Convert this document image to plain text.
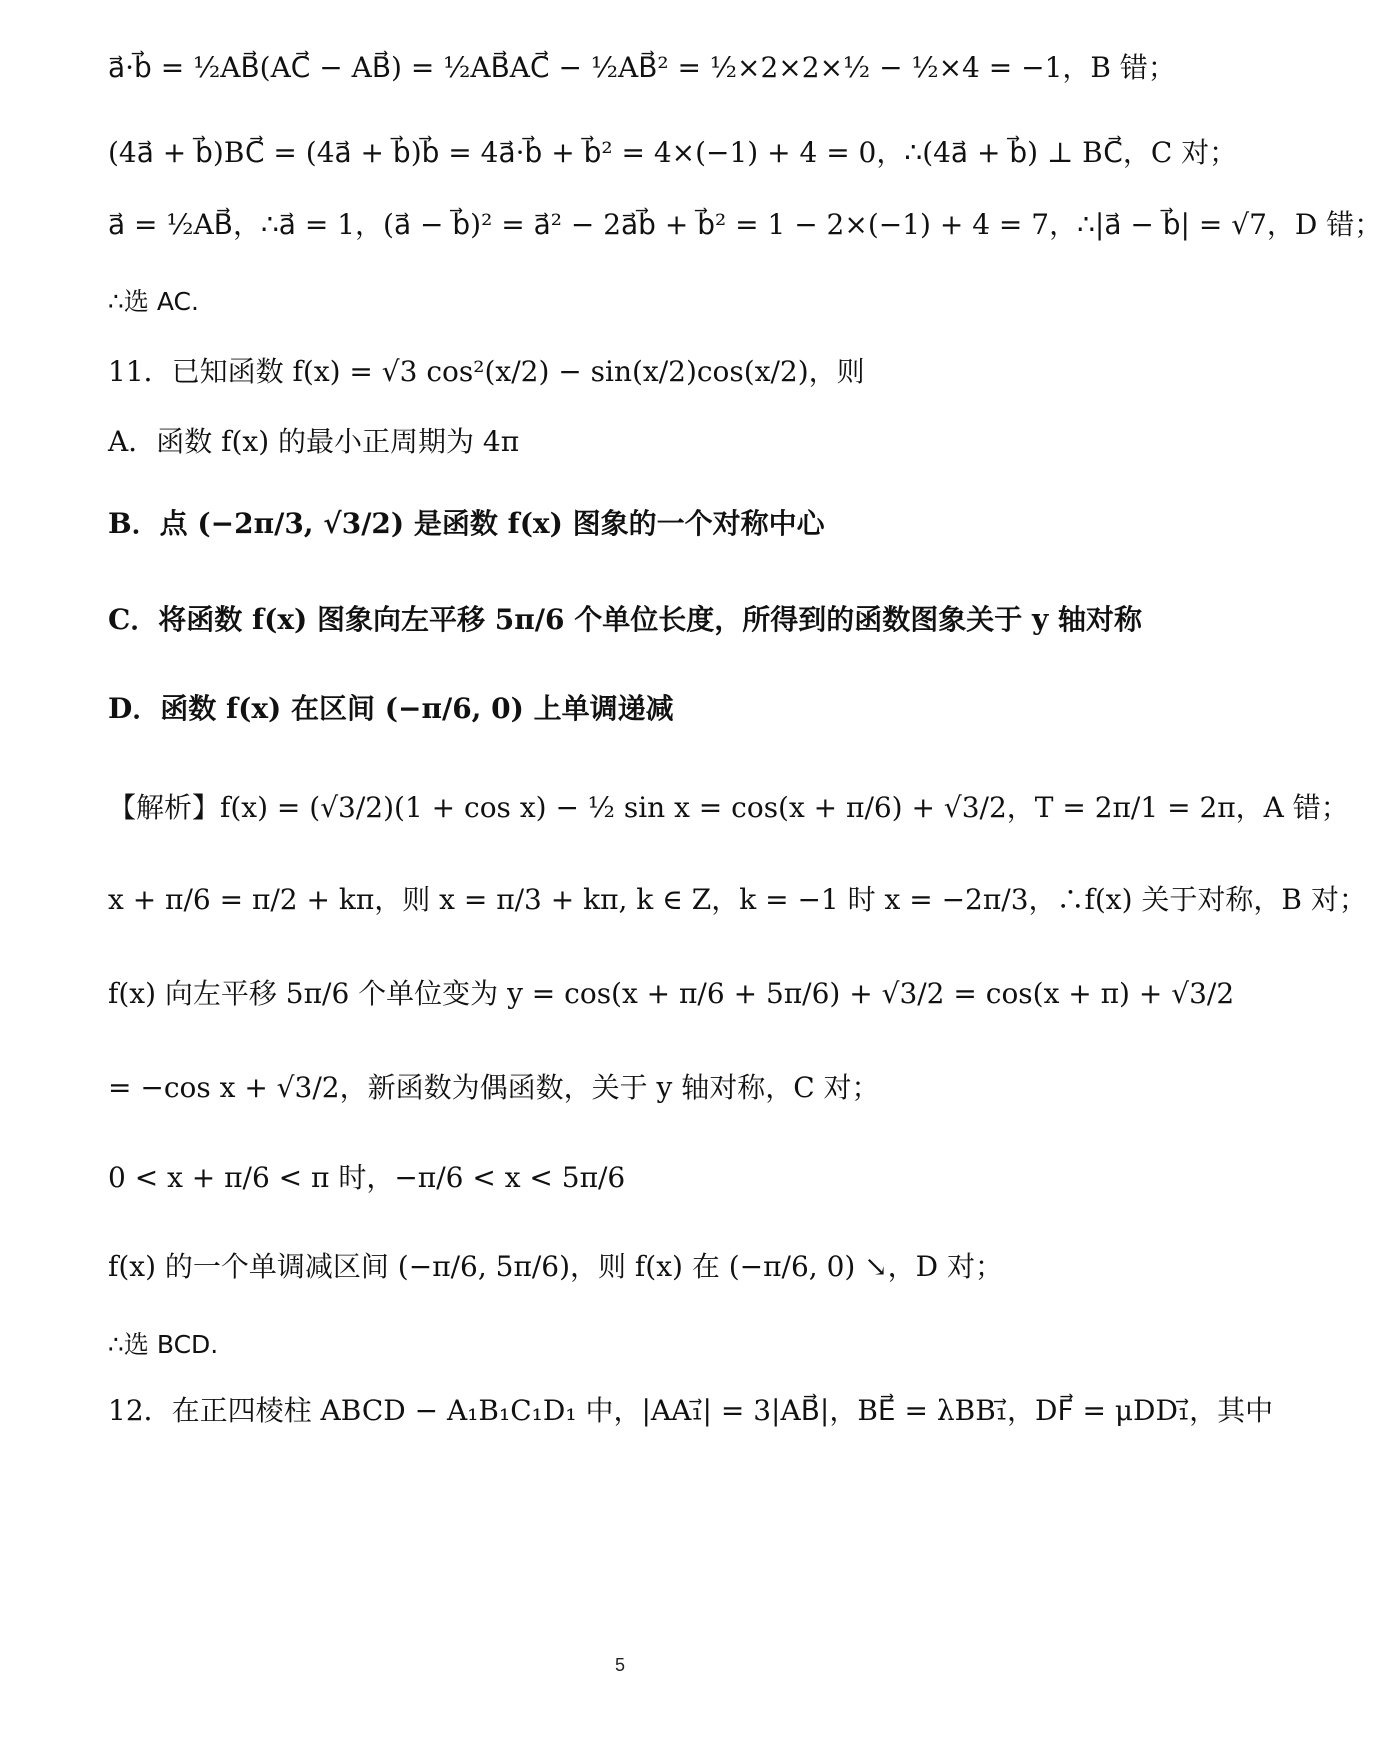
a⃗·b⃗ = ½AB⃗(AC⃗ − AB⃗) = ½AB⃗AC⃗ − ½AB⃗² = ½×2×2×½ − ½×4 = −1，B 错；
(4a⃗ + b⃗)BC⃗ = (4a⃗ + b⃗)b⃗ = 4a⃗·b⃗ + b⃗² = 4×(−1) + 4 = 0，∴(4a⃗ + b⃗) ⊥ BC⃗，C 对；
a⃗ = ½AB⃗，∴a⃗ = 1，(a⃗ − b⃗)² = a⃗² − 2a⃗b⃗ + b⃗² = 1 − 2×(−1) + 4 = 7，∴|a⃗ − b⃗| = √7，D 错；
∴选 AC.
11．已知函数 f(x) = √3 cos²(x/2) − sin(x/2)cos(x/2)，则
A．函数 f(x) 的最小正周期为 4π
B．点 (−2π/3, √3/2) 是函数 f(x) 图象的一个对称中心
C．将函数 f(x) 图象向左平移 5π/6 个单位长度，所得到的函数图象关于 y 轴对称
D．函数 f(x) 在区间 (−π/6, 0) 上单调递减
【解析】f(x) = (√3/2)(1 + cos x) − ½ sin x = cos(x + π/6) + √3/2，T = 2π/1 = 2π，A 错；
x + π/6 = π/2 + kπ，则 x = π/3 + kπ, k ∈ Z，k = −1 时 x = −2π/3，∴f(x) 关于对称，B 对；
f(x) 向左平移 5π/6 个单位变为 y = cos(x + π/6 + 5π/6) + √3/2 = cos(x + π) + √3/2
= −cos x + √3/2，新函数为偶函数，关于 y 轴对称，C 对；
0 < x + π/6 < π 时，−π/6 < x < 5π/6
f(x) 的一个单调减区间 (−π/6, 5π/6)，则 f(x) 在 (−π/6, 0) ↘，D 对；
∴选 BCD.
12．在正四棱柱 ABCD − A₁B₁C₁D₁ 中，|AA₁⃗| = 3|AB⃗|，BE⃗ = λBB₁⃗，DF⃗ = μDD₁⃗，其中
5
